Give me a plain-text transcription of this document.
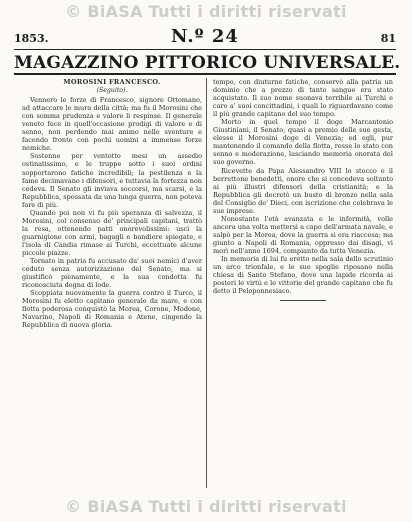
© BiASA Tutti i diritti riservati
1853.	N.º 24	81
MAGAZZINO PITTORICO UNIVERSALE.
MOROSINI FRANCESCO.
(Seguito).

Vennero le forze di Francesco, signore Ottomano, ad attaccare le mura della città; ma fu il Morosini che con somma prudenza e valore li respinse. Il generale veneto fece in quell'occasione prodigi di valore e di senno, non perdendo mai animo nelle sventure e facendo fronte con pochi uomini a immense forze nemiche.

Sostenne per ventotto mesi un assedio ostinatissimo, e le truppe sotto i suoi ordini sopportarono fatiche incredibili; la pestilenza e la fame decimavano i difensori, e tuttavia la fortezza non cedeva. Il Senato gli inviava soccorsi, ma scarsi, e la Repubblica, spossata da una lunga guerra, non poteva fare di più.

Quando poi non vi fu più speranza di salvezza, il Morosini, col consenso de' principali capitani, trattò la resa, ottenendo patti onorevolissimi: uscì la guarnigione con armi, bagagli e bandiere spiegate, e l'isola di Candia rimase ai Turchi, eccettuate alcune piccole piazze.

Tornato in patria fu accusato da' suoi nemici d'aver ceduto senza autorizzazione del Senato, ma si giustificò pienamente, e la sua condotta fu riconosciuta degna di lode.

Scoppiata nuovamente la guerra contro il Turco, il Morosini fu eletto capitano generale da mare, e con flotta poderosa conquistò la Morea, Corone, Modone, Navarino, Napoli di Romania e Atene, cingendo la Repubblica di nuova gloria.

tempo, con diuturne fatiche, conservò alla patria un dominio che a prezzo di tanto sangue era stato acquistato. Il suo nome suonava terribile ai Turchi e caro a' suoi concittadini, i quali lo riguardavano come il più grande capitano del suo tempo.

Morto in quel tempo il doge Marcantonio Giustiniani, il Senato, quasi a premio delle sue gesta, elesse il Morosini doge di Venezia; ed egli, pur mantenendo il comando della flotta, resse lo stato con senno e moderazione, lasciando memoria onorata del suo governo.

Ricevette da Papa Alessandro VIII lo stocco e il berrettone benedetti, onore che si concedeva soltanto ai più illustri difensori della cristianità; e la Repubblica gli decretò un busto di bronzo nella sala del Consiglio de' Dieci, con iscrizione che celebrava le sue imprese.

Nonostante l'età avanzata e le infermità, volle ancora una volta mettersi a capo dell'armata navale, e salpò per la Morea, dove la guerra si era riaccesa; ma giunto a Napoli di Romania, oppresso dai disagi, vi morì nell'anno 1694, compianto da tutta Venezia.

In memoria di lui fu eretto nella sala dello scrutinio un arco trionfale, e le sue spoglie riposano nella chiesa di Santo Stefano, dove una lapide ricorda ai posteri le virtù e le vittorie del grande capitano che fu detto il Peloponnesiaco.

© BiASA Tutti i diritti riservati
